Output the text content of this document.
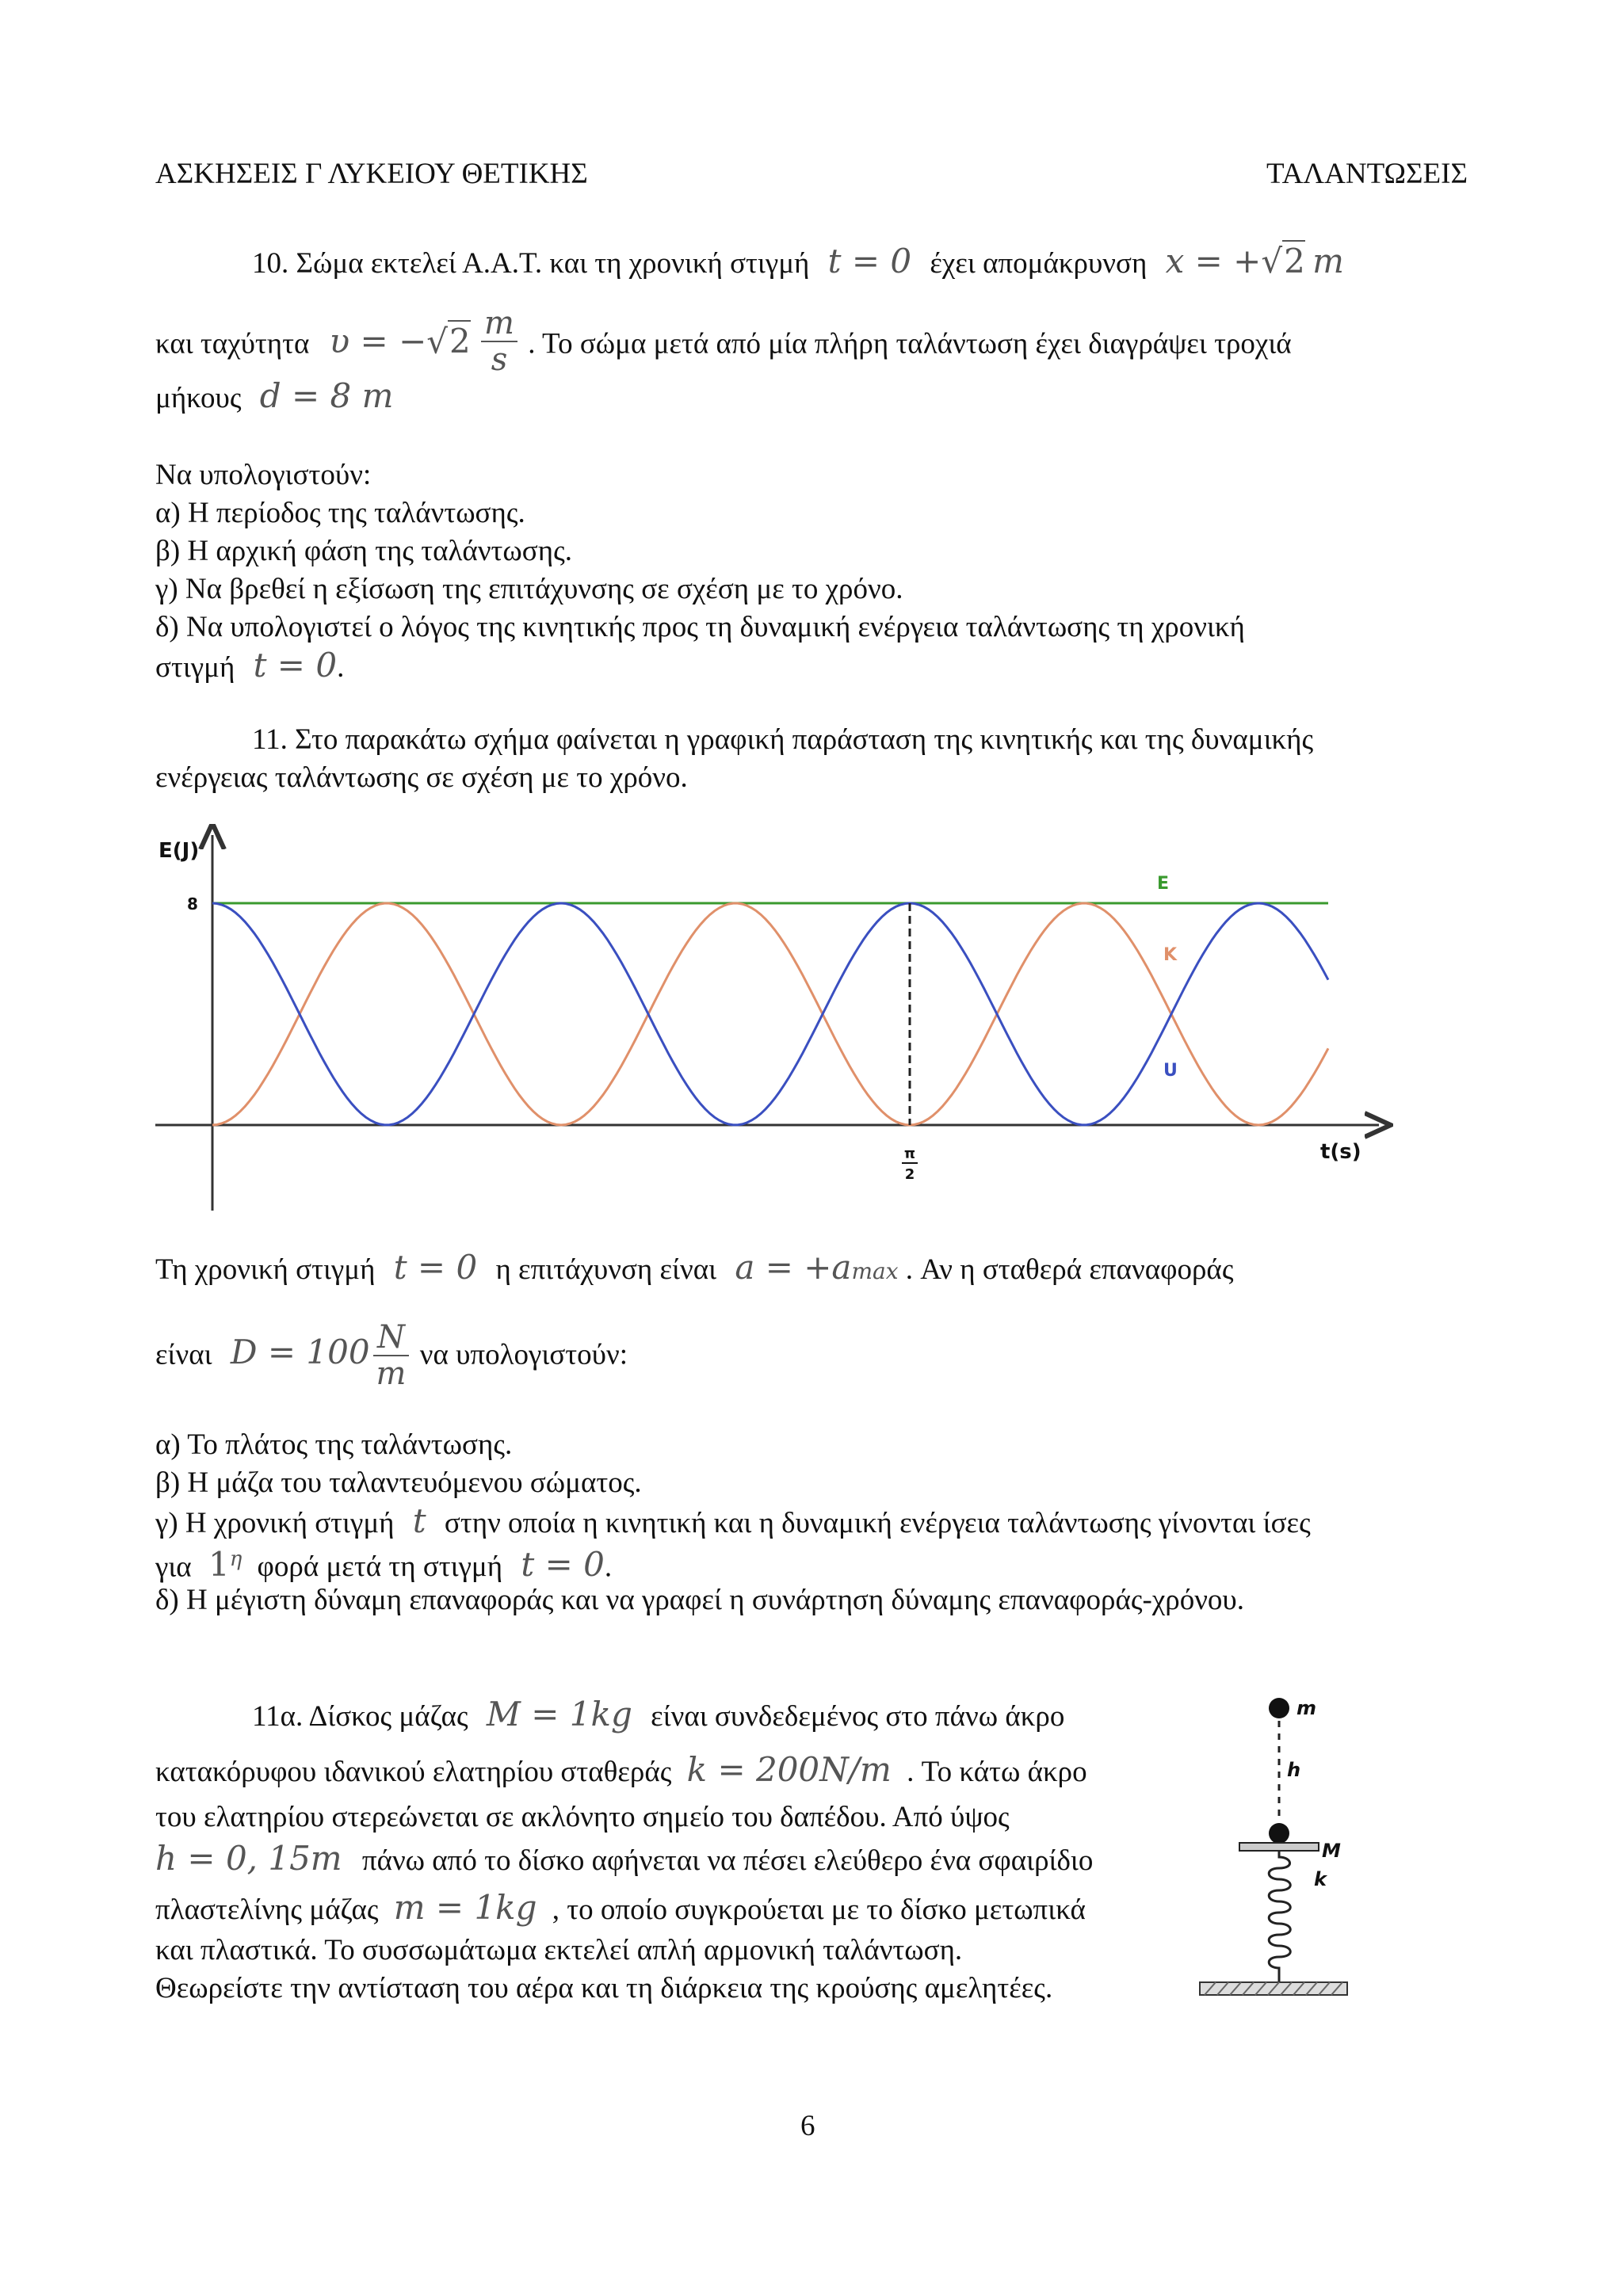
ΑΣΚΗΣΕΙΣ Γ ΛΥΚΕΙΟΥ ΘΕΤΙΚΗΣ	ΤΑΛΑΝΤΩΣΕΙΣ
10. Σώμα εκτελεί Α.Α.Τ. και τη χρονική στιγμή t = 0 έχει απομάκρυνση x = +√2 m
και ταχύτητα $\upsilon = -√2 \frac{m}{s}$ . Το σώμα μετά από μία πλήρη ταλάντωση έχει διαγράψει τροχιά
μήκους d = 8 m
Να υπολογιστούν:
α) Η περίοδος της ταλάντωσης.
β) Η αρχική φάση της ταλάντωσης.
γ) Να βρεθεί η εξίσωση της επιτάχυνσης σε σχέση με το χρόνο.
δ) Να υπολογιστεί ο λόγος της κινητικής προς τη δυναμική ενέργεια ταλάντωσης τη χρονική
στιγμή t = 0.
11. Στο παρακάτω σχήμα φαίνεται η γραφική παράσταση της κινητικής και της δυναμικής
ενέργειας ταλάντωσης σε σχέση με το χρόνο.
E(J)
t(s)
8
E
K
U
π
2
Τη χρονική στιγμή t = 0 η επιτάχυνση είναι a = +amax . Αν η σταθερά επαναφοράς
είναι $D = 100 \frac{N}{m}$ να υπολογιστούν:
α) Το πλάτος της ταλάντωσης.
β) Η μάζα του ταλαντευόμενου σώματος.
γ) Η χρονική στιγμή t στην οποία η κινητική και η δυναμική ενέργεια ταλάντωσης γίνονται ίσες
για $1^\eta$ φορά μετά τη στιγμή t = 0.
δ) Η μέγιστη δύναμη επαναφοράς και να γραφεί η συνάρτηση δύναμης επαναφοράς-χρόνου.
11α. Δίσκος μάζας M = 1kg είναι συνδεδεμένος στο πάνω άκρο
κατακόρυφου ιδανικού ελατηρίου σταθεράς k = 200N/m . Το κάτω άκρο
του ελατηρίου στερεώνεται σε ακλόνητο σημείο του δαπέδου. Από ύψος
h = 0, 15m πάνω από το δίσκο αφήνεται να πέσει ελεύθερο ένα σφαιρίδιο
πλαστελίνης μάζας m = 1kg , το οποίο συγκρούεται με το δίσκο μετωπικά
και πλαστικά. Το συσσωμάτωμα εκτελεί απλή αρμονική ταλάντωση.
Θεωρείστε την αντίσταση του αέρα και τη διάρκεια της κρούσης αμελητέες.
m
h
M
k
6
